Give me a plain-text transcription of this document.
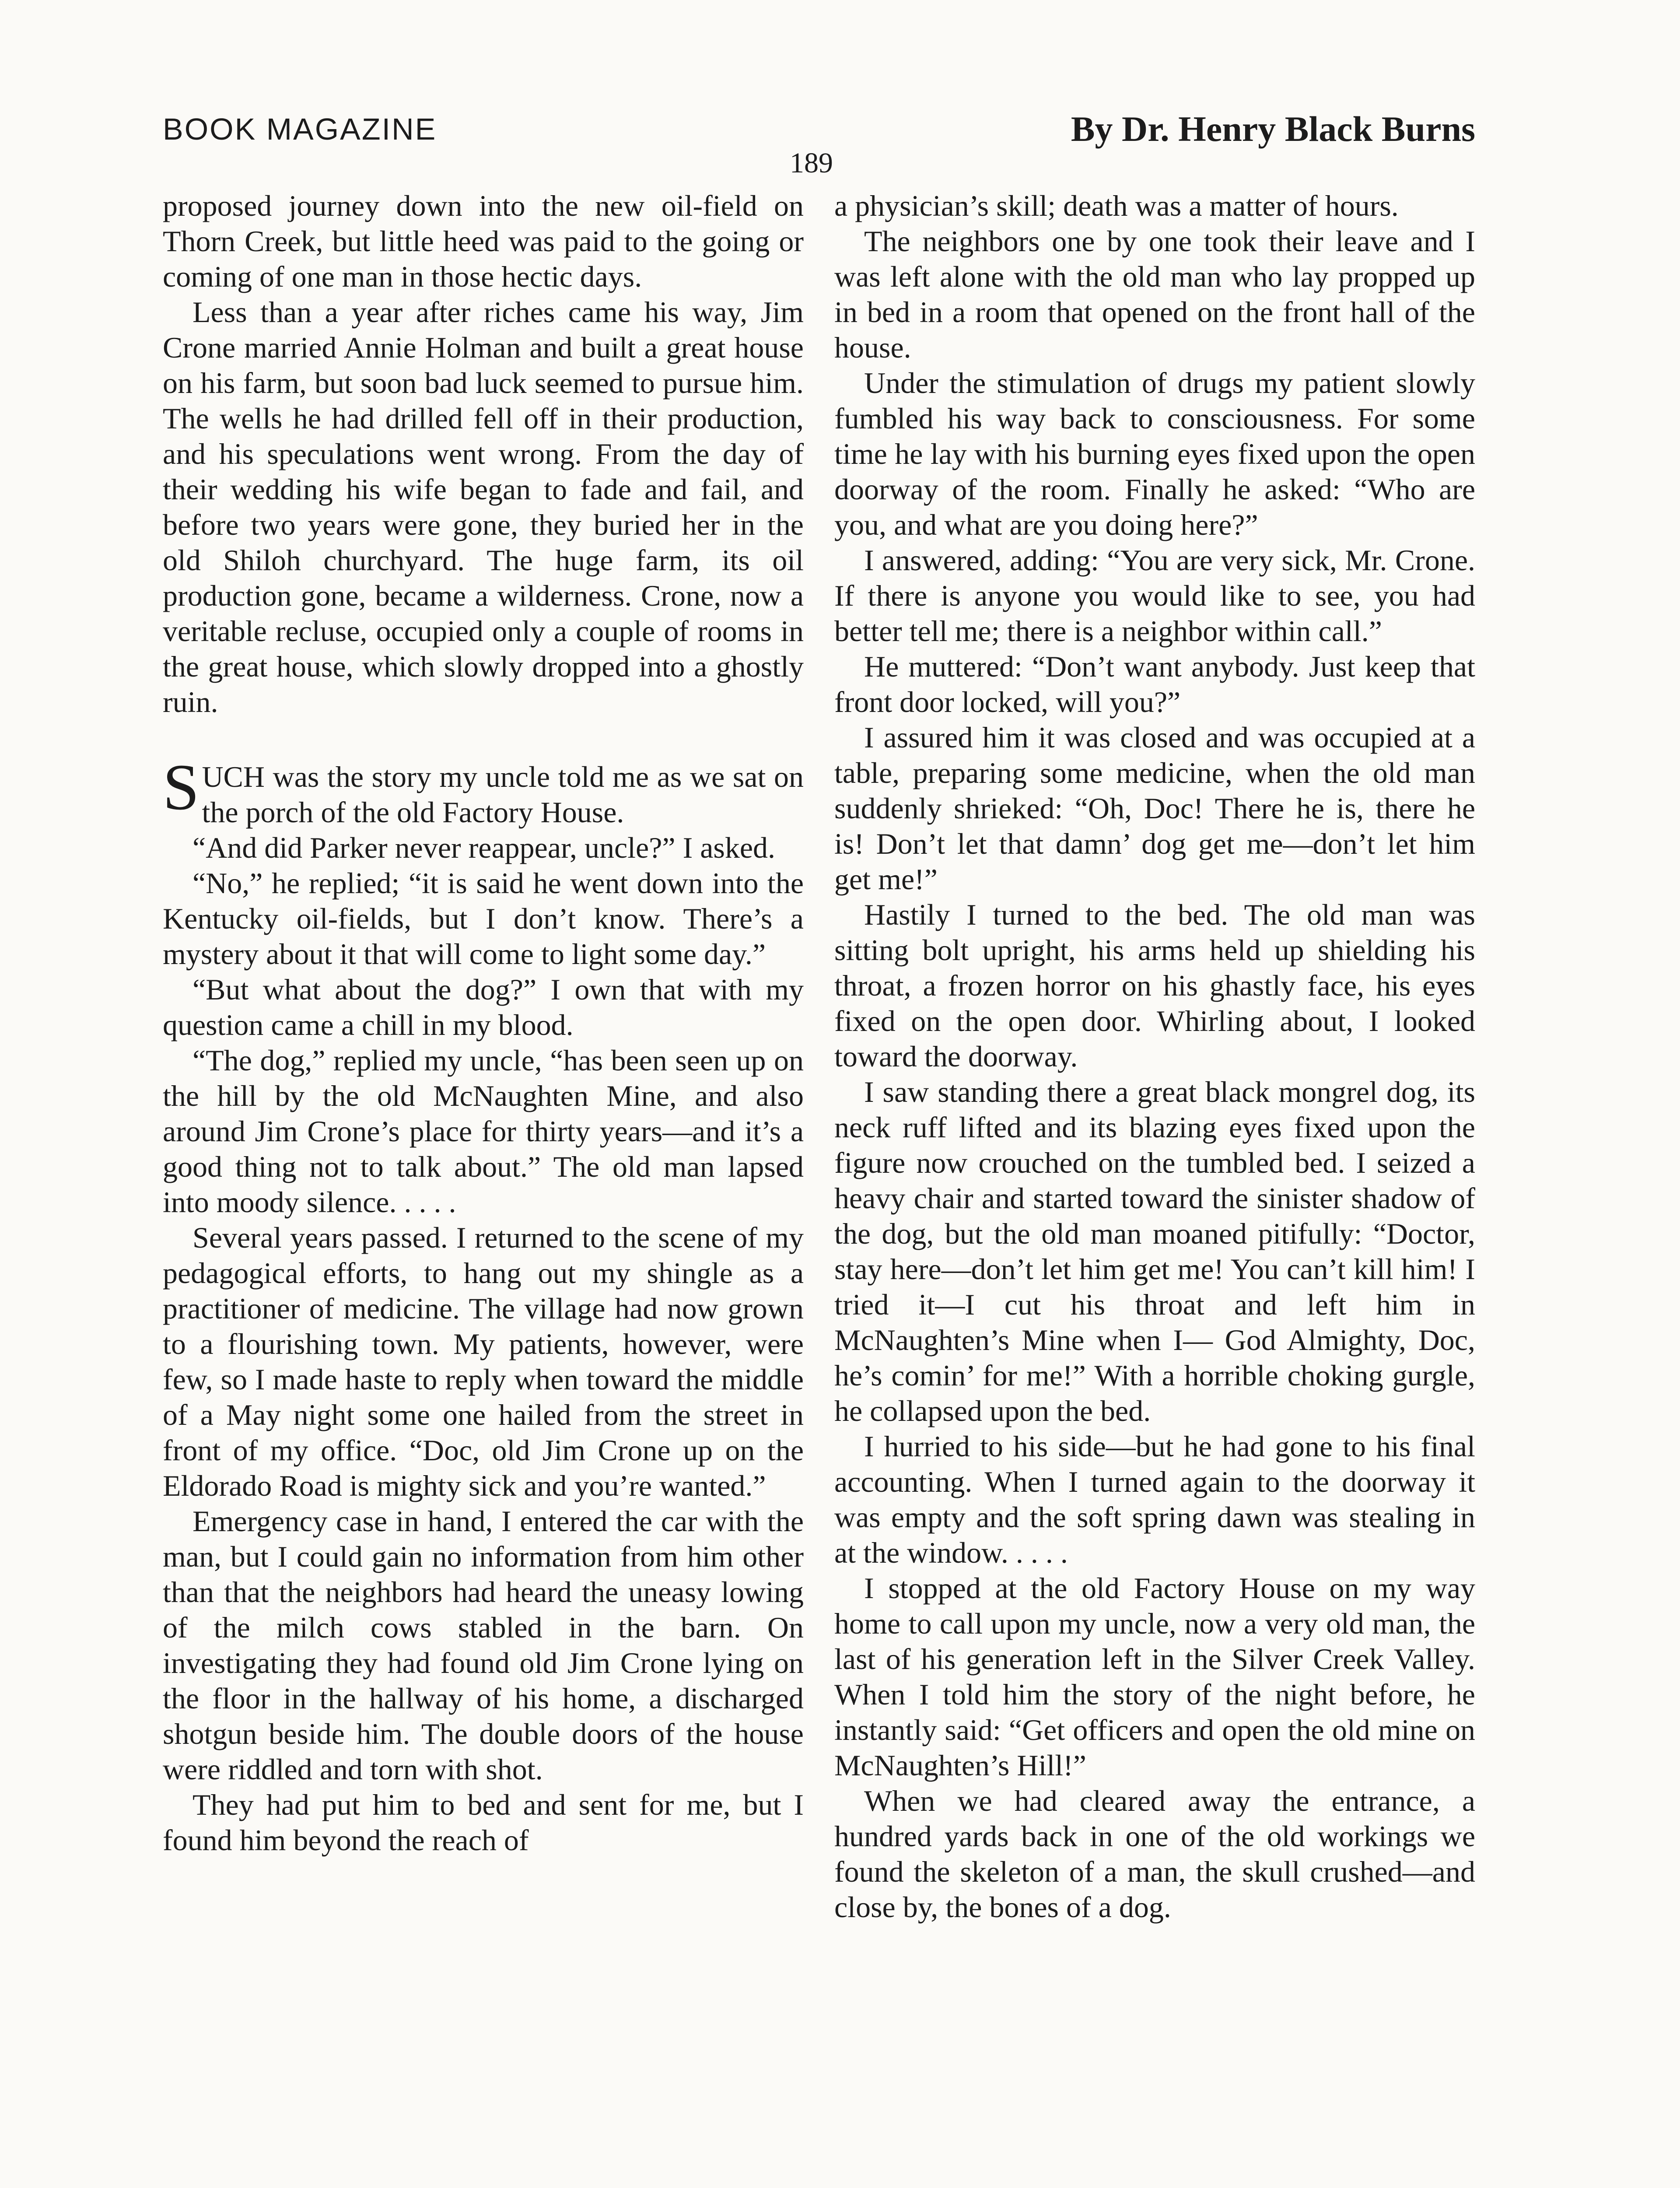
BOOK MAGAZINE	By Dr. Henry Black Burns
189

proposed journey down into the new oil-field on Thorn Creek, but little heed was paid to the going or coming of one man in those hectic days.

Less than a year after riches came his way, Jim Crone married Annie Holman and built a great house on his farm, but soon bad luck seemed to pursue him. The wells he had drilled fell off in their production, and his speculations went wrong. From the day of their wedding his wife began to fade and fail, and before two years were gone, they buried her in the old Shiloh churchyard. The huge farm, its oil production gone, became a wilderness. Crone, now a veritable recluse, occupied only a couple of rooms in the great house, which slowly dropped into a ghostly ruin.

SUCH was the story my uncle told me as we sat on the porch of the old Factory House.

“And did Parker never reappear, uncle?” I asked.

“No,” he replied; “it is said he went down into the Kentucky oil-fields, but I don’t know. There’s a mystery about it that will come to light some day.”

“But what about the dog?” I own that with my question came a chill in my blood.

“The dog,” replied my uncle, “has been seen up on the hill by the old McNaughten Mine, and also around Jim Crone’s place for thirty years—and it’s a good thing not to talk about.” The old man lapsed into moody silence. . . . .

Several years passed. I returned to the scene of my pedagogical efforts, to hang out my shingle as a practitioner of medicine. The village had now grown to a flourishing town. My patients, however, were few, so I made haste to reply when toward the middle of a May night some one hailed from the street in front of my office. “Doc, old Jim Crone up on the Eldorado Road is mighty sick and you’re wanted.”

Emergency case in hand, I entered the car with the man, but I could gain no information from him other than that the neighbors had heard the uneasy lowing of the milch cows stabled in the barn. On investigating they had found old Jim Crone lying on the floor in the hallway of his home, a discharged shotgun beside him. The double doors of the house were riddled and torn with shot.

They had put him to bed and sent for me, but I found him beyond the reach of

a physician’s skill; death was a matter of hours.

The neighbors one by one took their leave and I was left alone with the old man who lay propped up in bed in a room that opened on the front hall of the house.

Under the stimulation of drugs my patient slowly fumbled his way back to consciousness. For some time he lay with his burning eyes fixed upon the open doorway of the room. Finally he asked: “Who are you, and what are you doing here?”

I answered, adding: “You are very sick, Mr. Crone. If there is anyone you would like to see, you had better tell me; there is a neighbor within call.”

He muttered: “Don’t want anybody. Just keep that front door locked, will you?”

I assured him it was closed and was occupied at a table, preparing some medicine, when the old man suddenly shrieked: “Oh, Doc! There he is, there he is! Don’t let that damn’ dog get me—don’t let him get me!”

Hastily I turned to the bed. The old man was sitting bolt upright, his arms held up shielding his throat, a frozen horror on his ghastly face, his eyes fixed on the open door. Whirling about, I looked toward the doorway.

I saw standing there a great black mongrel dog, its neck ruff lifted and its blazing eyes fixed upon the figure now crouched on the tumbled bed. I seized a heavy chair and started toward the sinister shadow of the dog, but the old man moaned pitifully: “Doctor, stay here—don’t let him get me! You can’t kill him! I tried it—I cut his throat and left him in McNaughten’s Mine when I— God Almighty, Doc, he’s comin’ for me!” With a horrible choking gurgle, he collapsed upon the bed.

I hurried to his side—but he had gone to his final accounting. When I turned again to the doorway it was empty and the soft spring dawn was stealing in at the window. . . . .

I stopped at the old Factory House on my way home to call upon my uncle, now a very old man, the last of his generation left in the Silver Creek Valley. When I told him the story of the night before, he instantly said: “Get officers and open the old mine on McNaughten’s Hill!”

When we had cleared away the entrance, a hundred yards back in one of the old workings we found the skeleton of a man, the skull crushed—and close by, the bones of a dog.
